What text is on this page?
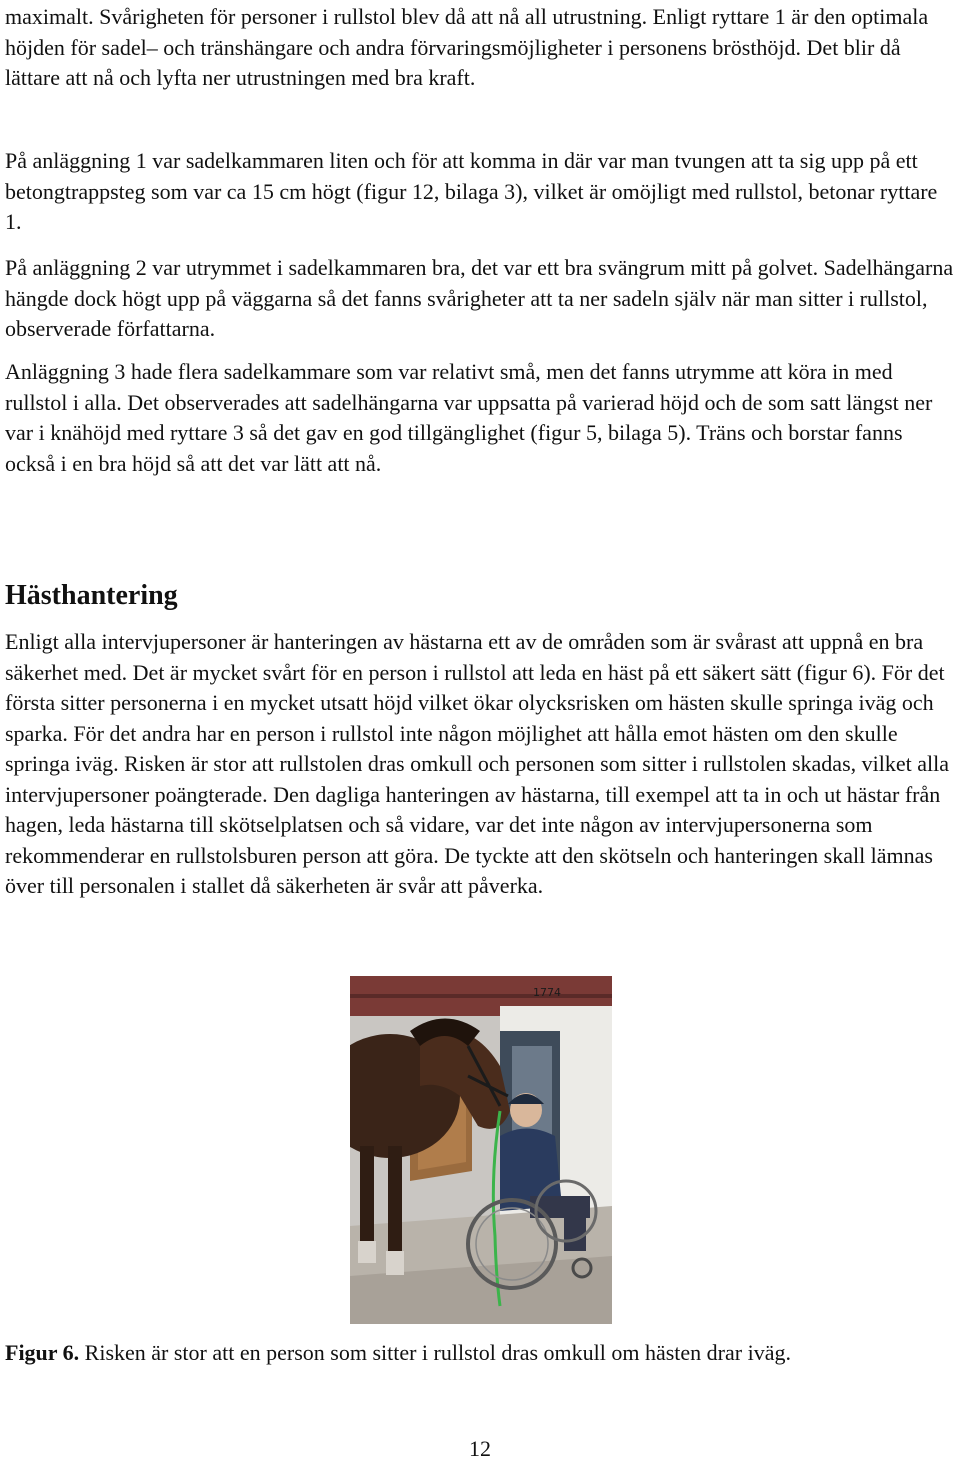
maximalt. Svårigheten för personer i rullstol blev då att nå all utrustning. Enligt ryttare 1 är den optimala höjden för sadel– och tränshängare och andra förvaringsmöjligheter i personens brösthöjd. Det blir då lättare att nå och lyfta ner utrustningen med bra kraft.

På anläggning 1 var sadelkammaren liten och för att komma in där var man tvungen att ta sig upp på ett betongtrappsteg som var ca 15 cm högt (figur 12, bilaga 3), vilket är omöjligt med rullstol, betonar ryttare 1.

På anläggning 2 var utrymmet i sadelkammaren bra, det var ett bra svängrum mitt på golvet. Sadelhängarna hängde dock högt upp på väggarna så det fanns svårigheter att ta ner sadeln själv när man sitter i rullstol, observerade författarna.

Anläggning 3 hade flera sadelkammare som var relativt små, men det fanns utrymme att köra in med rullstol i alla. Det observerades att sadelhängarna var uppsatta på varierad höjd och de som satt längst ner var i knähöjd med ryttare 3 så det gav en god tillgänglighet (figur 5, bilaga 5). Träns och borstar fanns också i en bra höjd så att det var lätt att nå.

Hästhantering

Enligt alla intervjupersoner är hanteringen av hästarna ett av de områden som är svårast att uppnå en bra säkerhet med. Det är mycket svårt för en person i rullstol att leda en häst på ett säkert sätt (figur 6). För det första sitter personerna i en mycket utsatt höjd vilket ökar olycksrisken om hästen skulle springa iväg och sparka. För det andra har en person i rullstol inte någon möjlighet att hålla emot hästen om den skulle springa iväg. Risken är stor att rullstolen dras omkull och personen som sitter i rullstolen skadas, vilket alla intervjupersoner poängterade. Den dagliga hanteringen av hästarna, till exempel att ta in och ut hästar från hagen, leda hästarna till skötselplatsen och så vidare, var det inte någon av intervjupersonerna som rekommenderar en rullstolsburen person att göra. De tyckte att den skötseln och hanteringen skall lämnas över till personalen i stallet då säkerheten är svår att påverka.

1774

Figur 6. Risken är stor att en person som sitter i rullstol dras omkull om hästen drar iväg.

12
